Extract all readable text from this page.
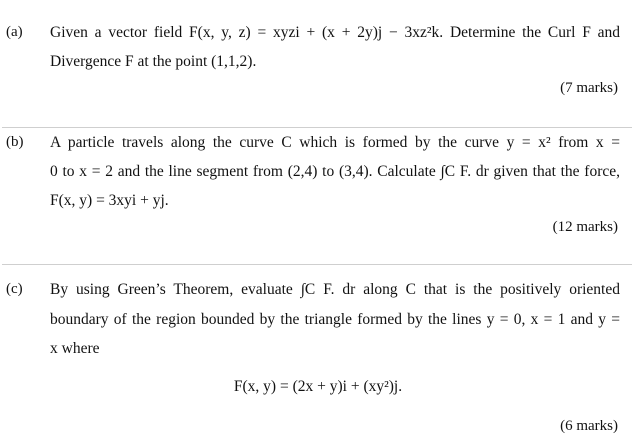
(a) Given a vector field F(x, y, z) = xyzi + (x + 2y)j − 3xz²k. Determine the Curl F and
Divergence F at the point (1,1,2).
(7 marks)
(b) A particle travels along the curve C which is formed by the curve y = x² from x =
0 to x = 2 and the line segment from (2,4) to (3,4). Calculate ∫C F. dr given that the force,
F(x, y) = 3xyi + yj.
(12 marks)
(c) By using Green’s Theorem, evaluate ∫C F. dr along C that is the positively oriented
boundary of the region bounded by the triangle formed by the lines y = 0, x = 1 and y =
x where
F(x, y) = (2x + y)i + (xy²)j.
(6 marks)
